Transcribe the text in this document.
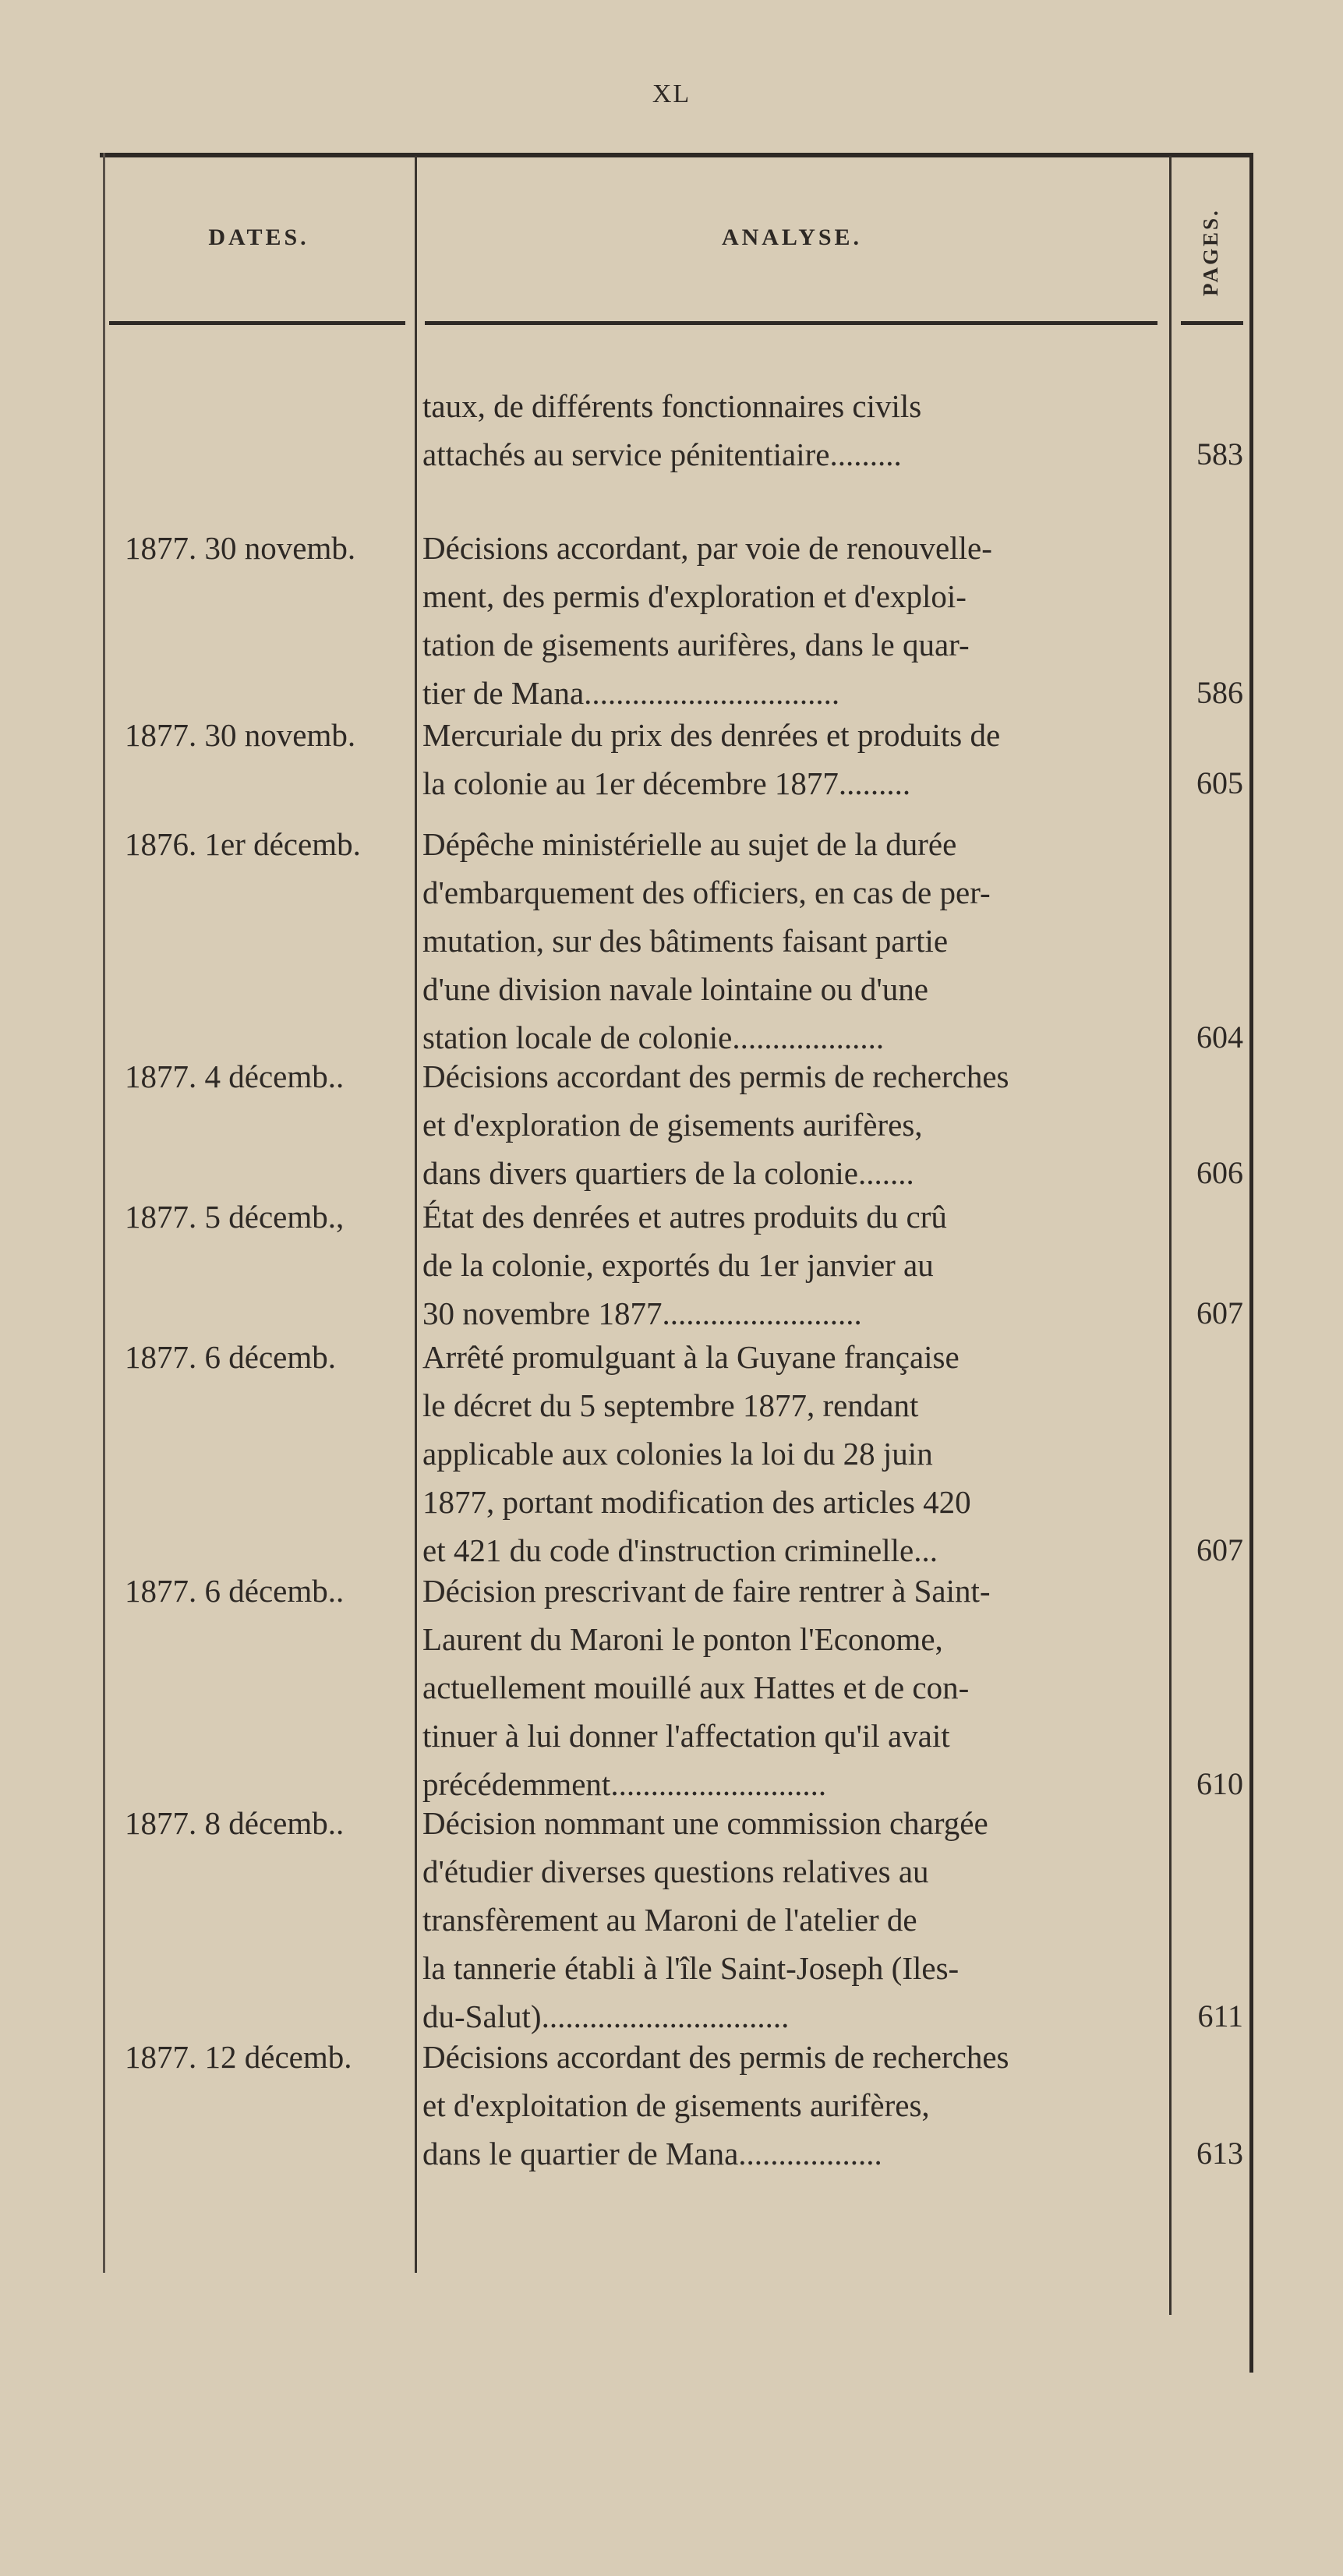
XL
DATES.	ANALYSE.	PAGES.
taux, de différents fonctionnaires civils
attachés au service pénitentiaire.........	583
1877. 30 novemb.	Décisions accordant, par voie de renouvelle-
ment, des permis d'exploration et d'exploi-
tation de gisements aurifères, dans le quar-
tier de Mana................................	586
1877. 30 novemb.	Mercuriale du prix des denrées et produits de
la colonie au 1er décembre 1877.........	605
1876. 1er décemb.	Dépêche ministérielle au sujet de la durée
d'embarquement des officiers, en cas de per-
mutation, sur des bâtiments faisant partie
d'une division navale lointaine ou d'une
station locale de colonie...................	604
1877. 4 décemb..	Décisions accordant des permis de recherches
et d'exploration de gisements aurifères,
dans divers quartiers de la colonie.......	606
1877. 5 décemb.,	État des denrées et autres produits du crû
de la colonie, exportés du 1er janvier au
30 novembre 1877.........................	607
1877. 6 décemb.	Arrêté promulguant à la Guyane française
le décret du 5 septembre 1877, rendant
applicable aux colonies la loi du 28 juin
1877, portant modification des articles 420
et 421 du code d'instruction criminelle...	607
1877. 6 décemb..	Décision prescrivant de faire rentrer à Saint-
Laurent du Maroni le ponton l'Econome,
actuellement mouillé aux Hattes et de con-
tinuer à lui donner l'affectation qu'il avait
précédemment...........................	610
1877. 8 décemb..	Décision nommant une commission chargée
d'étudier diverses questions relatives au
transfèrement au Maroni de l'atelier de
la tannerie établi à l'île Saint-Joseph (Iles-
du-Salut)...............................	611
1877. 12 décemb.	Décisions accordant des permis de recherches
et d'exploitation de gisements aurifères,
dans le quartier de Mana..................	613
